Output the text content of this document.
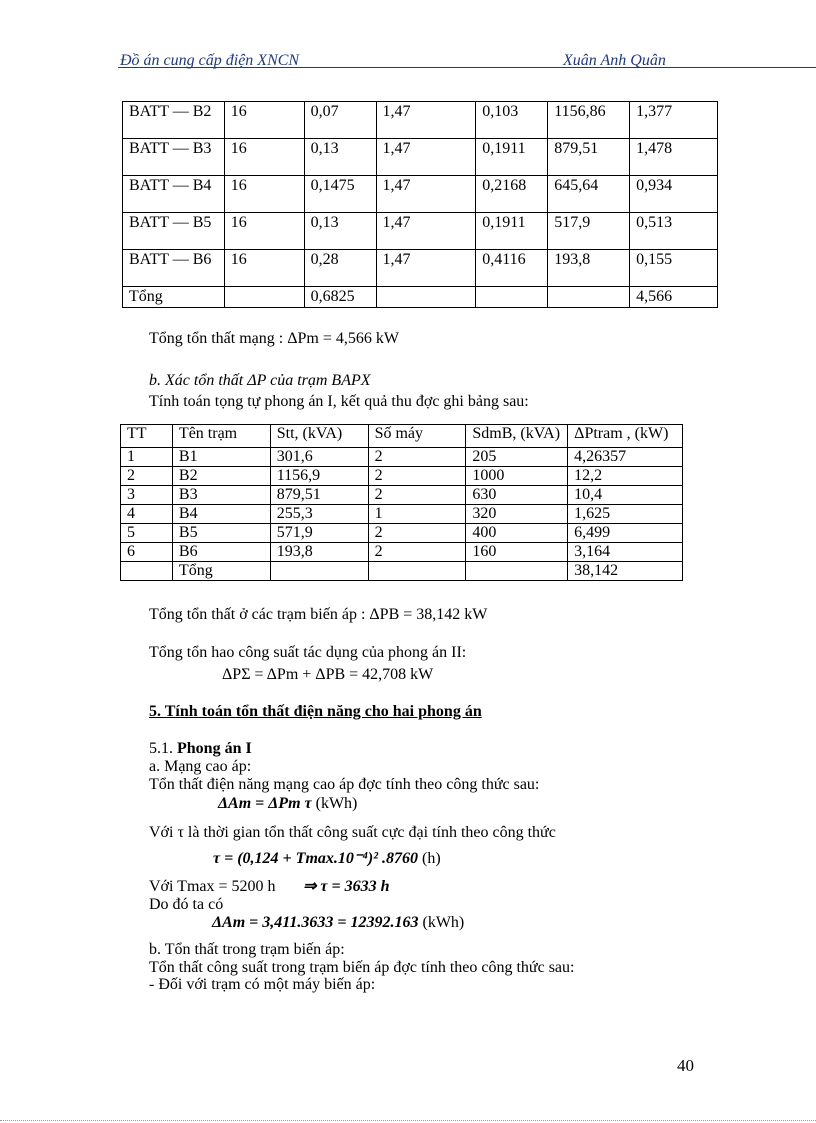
Đồ án cung cấp điện XNCN	Xuân Anh Quân
BATT — B2	16	0,07	1,47	0,103	1156,86	1,377
BATT — B3	16	0,13	1,47	0,1911	879,51	1,478
BATT — B4	16	0,1475	1,47	0,2168	645,64	0,934
BATT — B5	16	0,13	1,47	0,1911	517,9	0,513
BATT — B6	16	0,28	1,47	0,4116	193,8	0,155
Tổng		0,6825				4,566
Tổng tổn thất mạng : ΔPm = 4,566 kW
b. Xác tổn thất ΔP của trạm BAPX
Tính toán tọng tự phong án I, kết quả thu đợc ghi bảng sau:
TT	Tên trạm	Stt, (kVA)	Số máy	SdmB, (kVA)	ΔPtram , (kW)
1	B1	301,6	2	205	4,26357
2	B2	1156,9	2	1000	12,2
3	B3	879,51	2	630	10,4
4	B4	255,3	1	320	1,625
5	B5	571,9	2	400	6,499
6	B6	193,8	2	160	3,164
	Tổng				38,142
Tổng tổn thất ở các trạm biến áp : ΔPB = 38,142 kW
Tổng tổn hao công suất tác dụng của phong án II:
ΔPΣ = ΔPm + ΔPB = 42,708 kW
5. Tính toán tổn thất điện năng cho hai phong án
5.1. Phong án I
a. Mạng cao áp:
Tổn thất điện năng mạng cao áp đợc tính theo công thức sau:
ΔAm = ΔPm τ (kWh)
Với τ là thời gian tổn thất công suất cực đại tính theo công thức
τ = (0,124 + Tmax.10⁻⁴)² .8760 (h)
Với Tmax = 5200 h ⇒ τ = 3633 h
Do đó ta có
ΔAm = 3,411.3633 = 12392.163 (kWh)
b. Tổn thất trong trạm biến áp:
Tổn thất công suất trong trạm biến áp đợc tính theo công thức sau:
- Đối với trạm có một máy biến áp:
40
